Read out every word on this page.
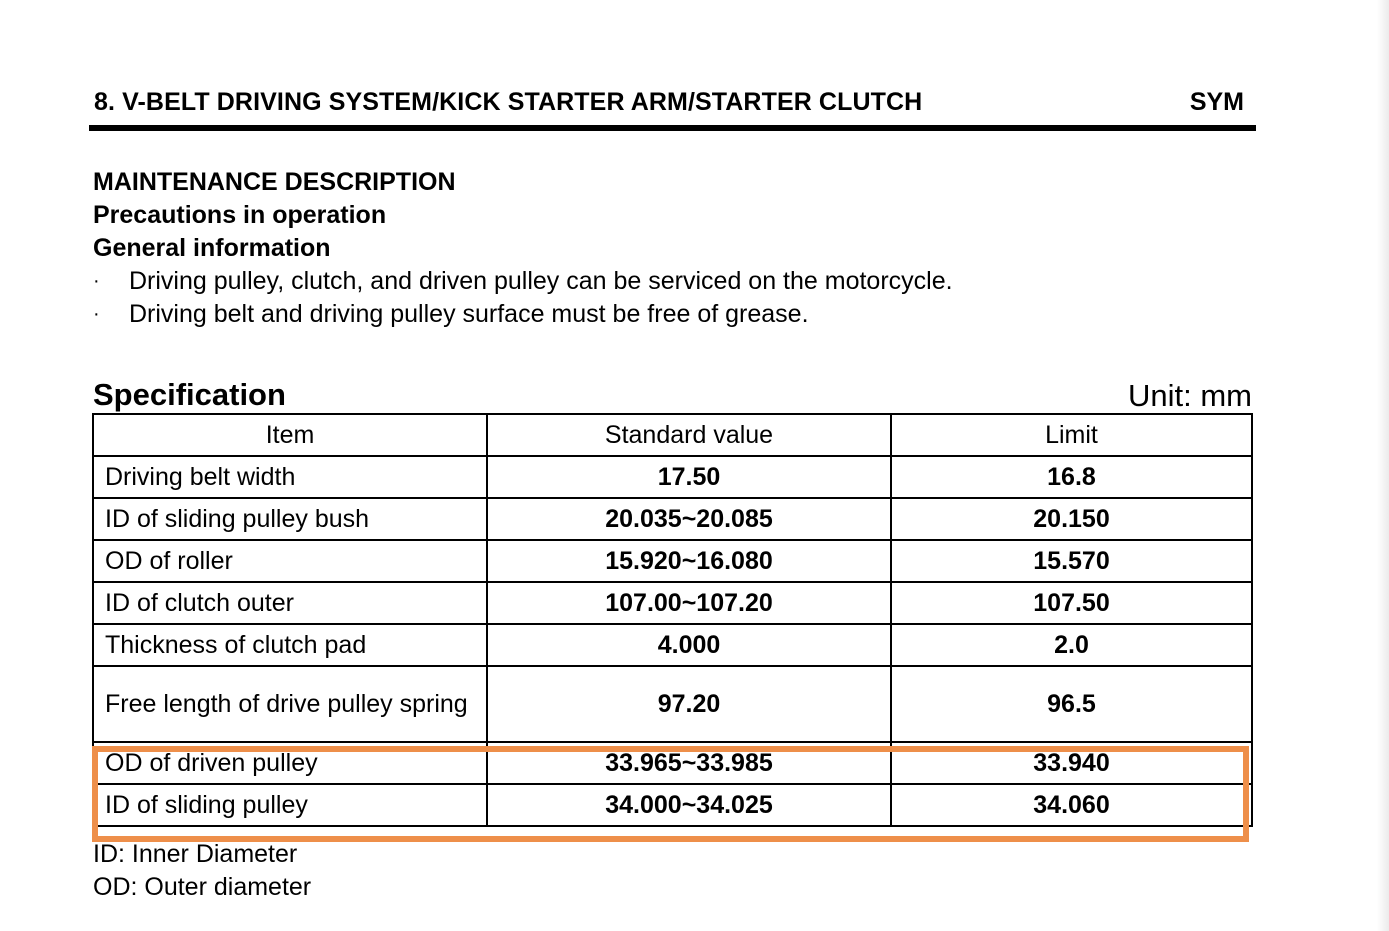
8. V-BELT DRIVING SYSTEM/KICK STARTER ARM/STARTER CLUTCH	SYM
MAINTENANCE DESCRIPTION
Precautions in operation
General information
· Driving pulley, clutch, and driven pulley can be serviced on the motorcycle.
· Driving belt and driving pulley surface must be free of grease.
Specification	Unit: mm
Item	Standard value	Limit
Driving belt width	17.50	16.8
ID of sliding pulley bush	20.035~20.085	20.150
OD of roller	15.920~16.080	15.570
ID of clutch outer	107.00~107.20	107.50
Thickness of clutch pad	4.000	2.0
Free length of drive pulley spring	97.20	96.5
OD of driven pulley	33.965~33.985	33.940
ID of sliding pulley	34.000~34.025	34.060
ID: Inner Diameter
OD: Outer diameter
